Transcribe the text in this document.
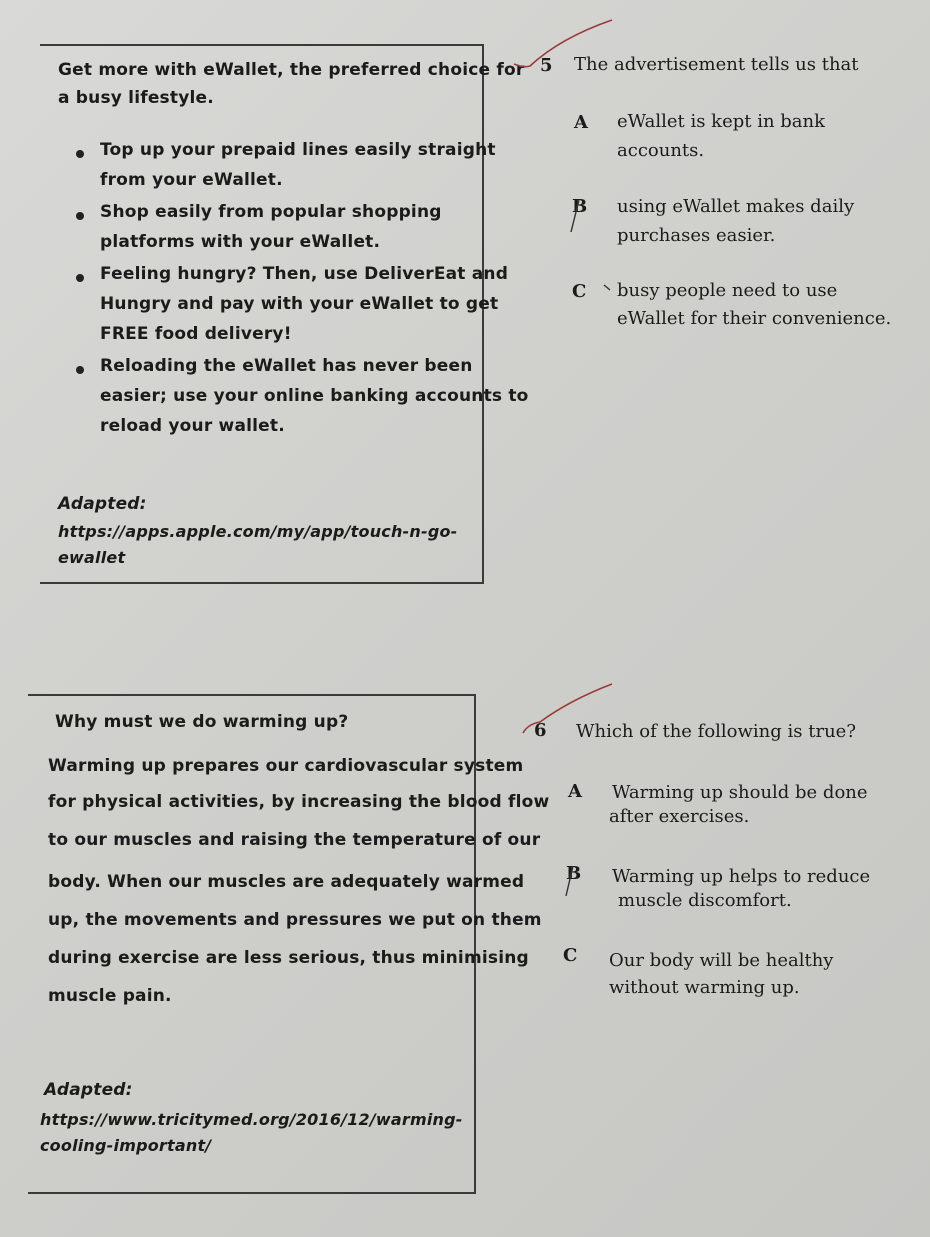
Get more with eWallet, the preferred choice for
a busy lifestyle.
Top up your prepaid lines easily straight
from your eWallet.
Shop easily from popular shopping
platforms with your eWallet.
Feeling hungry? Then, use DeliverEat and
Hungry and pay with your eWallet to get
FREE food delivery!
Reloading the eWallet has never been
easier; use your online banking accounts to
reload your wallet.
Adapted:
https://apps.apple.com/my/app/touch-n-go-
ewallet
5 The advertisement tells us that
A eWallet is kept in bank
accounts.
B using eWallet makes daily
purchases easier.
C busy people need to use
eWallet for their convenience.
Why must we do warming up?
Warming up prepares our cardiovascular system
for physical activities, by increasing the blood flow
to our muscles and raising the temperature of our
body. When our muscles are adequately warmed
up, the movements and pressures we put on them
during exercise are less serious, thus minimising
muscle pain.
Adapted:
https://www.tricitymed.org/2016/12/warming-
cooling-important/
6 Which of the following is true?
A Warming up should be done
after exercises.
B Warming up helps to reduce
muscle discomfort.
C Our body will be healthy
without warming up.
